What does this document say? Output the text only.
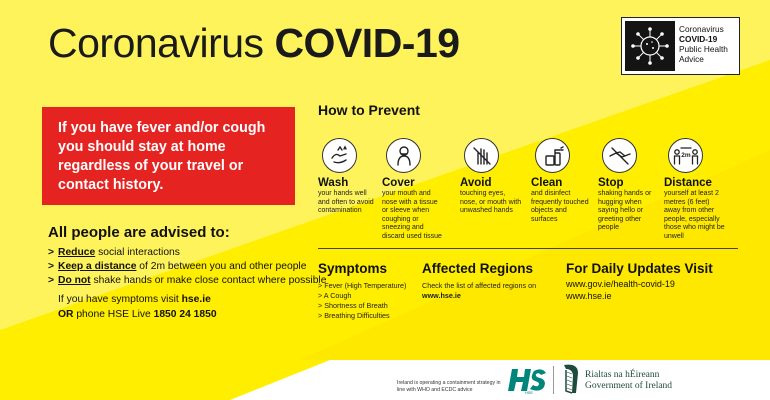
Coronavirus COVID-19	Coronavirus
COVID-19
Public Health
Advice
If you have fever and/or cough you should stay at home regardless of your travel or contact history.
All people are advised to:
> Reduce social interactions
> Keep a distance of 2m between you and other people
> Do not shake hands or make close contact where possible
If you have symptoms visit hse.ie
OR phone HSE Live 1850 24 1850
How to Prevent
Wash
your hands well and often to avoid contamination
Cover
your mouth and nose with a tissue or sleeve when coughing or sneezing and discard used tissue
Avoid
touching eyes, nose, or mouth with unwashed hands
Clean
and disinfect frequently touched objects and surfaces
Stop
shaking hands or hugging when saying hello or greeting other people
2m
Distance
yourself at least 2 metres (6 feet) away from other people, especially those who might be unwell
Symptoms
> Fever (High Temperature)
> A Cough
> Shortness of Breath
> Breathing Difficulties
Affected Regions
Check the list of affected regions on www.hse.ie
For Daily Updates Visit
www.gov.ie/health-covid-19
www.hse.ie
Ireland is operating a containment strategy in line with WHO and ECDC advice	HSE
Rialtas na hÉireann
Government of Ireland
